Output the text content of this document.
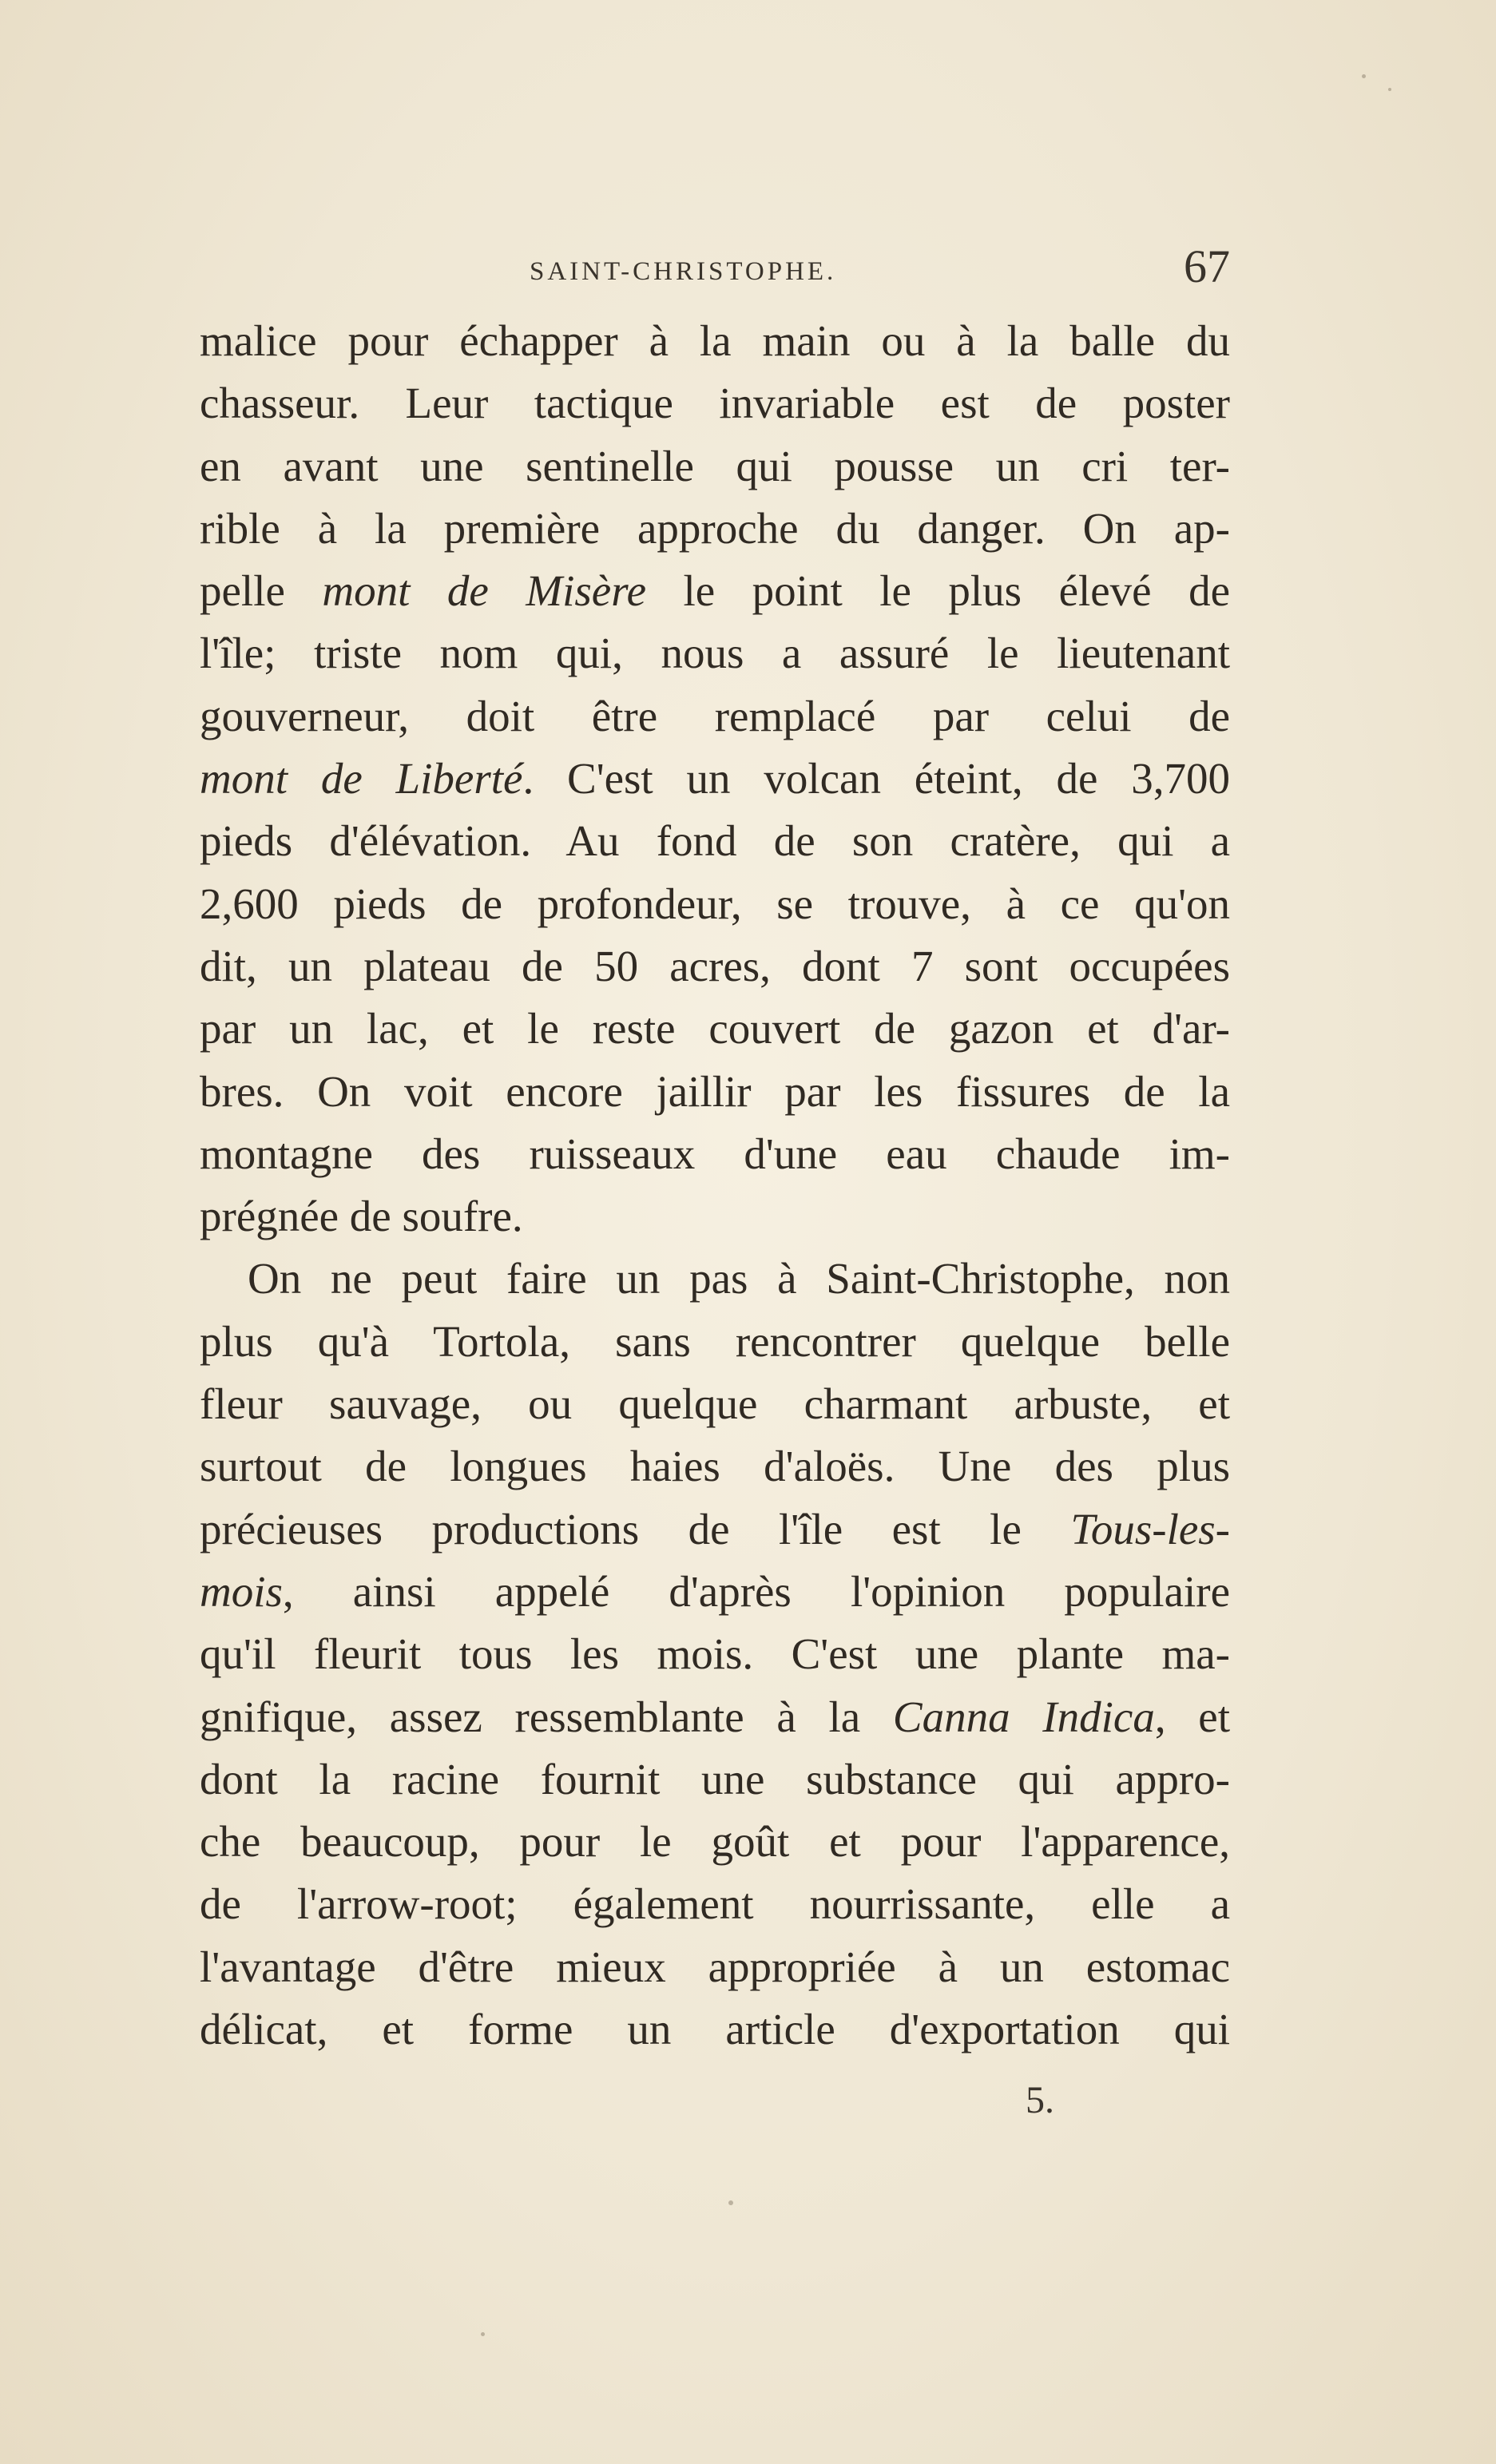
SAINT-CHRISTOPHE.	67
malice pour échapper à la main ou à la balle du
chasseur. Leur tactique invariable est de poster
en avant une sentinelle qui pousse un cri ter-
rible à la première approche du danger. On ap-
pelle mont de Misère le point le plus élevé de
l'île; triste nom qui, nous a assuré le lieutenant
gouverneur, doit être remplacé par celui de
mont de Liberté. C'est un volcan éteint, de 3,700
pieds d'élévation. Au fond de son cratère, qui a
2,600 pieds de profondeur, se trouve, à ce qu'on
dit, un plateau de 50 acres, dont 7 sont occupées
par un lac, et le reste couvert de gazon et d'ar-
bres. On voit encore jaillir par les fissures de la
montagne des ruisseaux d'une eau chaude im-
prégnée de soufre.
On ne peut faire un pas à Saint-Christophe, non
plus qu'à Tortola, sans rencontrer quelque belle
fleur sauvage, ou quelque charmant arbuste, et
surtout de longues haies d'aloës. Une des plus
précieuses productions de l'île est le Tous-les-
mois, ainsi appelé d'après l'opinion populaire
qu'il fleurit tous les mois. C'est une plante ma-
gnifique, assez ressemblante à la Canna Indica, et
dont la racine fournit une substance qui appro-
che beaucoup, pour le goût et pour l'apparence,
de l'arrow-root; également nourrissante, elle a
l'avantage d'être mieux appropriée à un estomac
délicat, et forme un article d'exportation qui
5.
